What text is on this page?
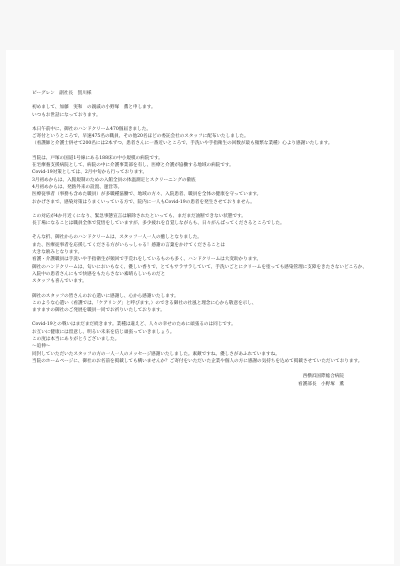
ピーグレン　副社長　賀川様

初めまして、加藤　実和　の親戚の小野塚　薫と申します。
いつもお世話になっております。

本日午前中に、御社のハンドクリーム470個届きました。
ご寄付というところで、早速475名の職員、その他20名ほどの委託会社のスタッフに配布いたしました。
（看護師と介護士併せて200名には2本ずつ、患者さんに一番近いところで、手洗いや手指衛生の回数が最も頻繁な業種）心より感謝いたします。

当院は、戸塚の国道1号線にある188床の中小規模の病院です。
在宅療養支援病院として、病院の中に介護事業部を有し、医療と介護が協働する地域の病院です。
Covid-19対策としては、2月中旬から行っております。
3月初めからは、入館規制のための入館全員の体温測定とスクリーニングの徹底
4月初めからは、発熱外来の設置、運営等。
医療従事者（事務も含めた職員）が多職種協働で、地域の方々、入院患者、職員を全体の健康を守っています。
おかげさまで、感染対策はうまくいっている方で、院内に一人もCovid-19の患者を発生させておりません。

この対応が4か月近くになり、緊急事態宣言は解除されたといっても、まだまだ油断できない状態です。
長丁場になることは職員全体で覚悟をしていますが、多少疲れを自覚しながらも、日々がんばってくださるところでした。

そんな折、御社からのハンドクリームは、スタッフ一人一人の癒しとなりました。
また、医療従事者を応援してくださる方がいらっしゃる！感謝の言葉をかけてくださることは
大きな励みとなります。
看護・介護職員は手洗いや手指衛生が頻回で手荒れをしているものも多く、ハンドクリームは大変助かります。
御社のハンドクリームは、匂いにおいもなく、優しい香りで、とてもサラサラしていて、手洗いごとにクリームを塗っても感染管理に支障をきたさないどころか、入院中の患者さんにもで快感をもたらさない素晴らしいものだと
スタッフも喜んでいます。

御社のスタッフの皆さんのお心遣いに感謝し、心から感謝いたします。
このような心遣い（看護では、「ケアリング」と呼びます。）のできる御社の社風と理念に心から敬意を示し、
ますますの御社のご発展を職員一同でお祈りいたしております。

Covid-19との戦いはまだまだ続きます。業種は違えど、人々の幸せのために頑張るのは同じです。
お互いに健康には留意し、明るい未来を信じ頑張っていきましょう。
この度は本当にありがとうございました。
～追伸～
同封していただいたスタッフの方の一人一人のメッセージ感謝いたしました。素敵ですね。優しさがあふれていますね。
当院のホームページに、御社のお名前を掲載しても構いませんか？ご寄付をいただいた企業や個人の方に感謝の気持ちを込めて掲載させていただいております。

西横浜国際総合病院
看護部長　小野塚　薫
